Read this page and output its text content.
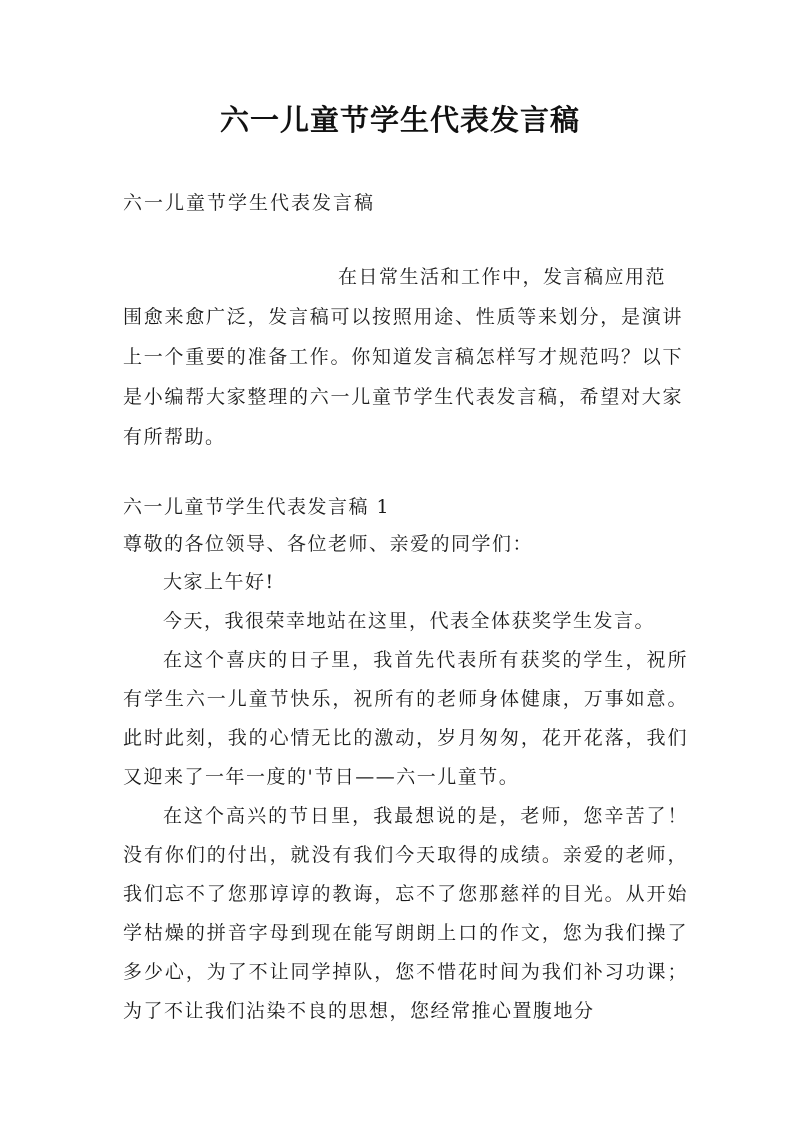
六一儿童节学生代表发言稿
六一儿童节学生代表发言稿
在日常生活和工作中，发言稿应用范
围愈来愈广泛，发言稿可以按照用途、性质等来划分，是演讲上一个重要的准备工作。你知道发言稿怎样写才规范吗？以下是小编帮大家整理的六一儿童节学生代表发言稿，希望对大家有所帮助。

六一儿童节学生代表发言稿 1

尊敬的各位领导、各位老师、亲爱的同学们：

大家上午好!

今天，我很荣幸地站在这里，代表全体获奖学生发言。

在这个喜庆的日子里，我首先代表所有获奖的学生，祝所有学生六一儿童节快乐，祝所有的老师身体健康，万事如意。此时此刻，我的心情无比的激动，岁月匆匆，花开花落，我们又迎来了一年一度的'节日——六一儿童节。

在这个高兴的节日里，我最想说的是，老师，您辛苦了！没有你们的付出，就没有我们今天取得的成绩。亲爱的老师，我们忘不了您那谆谆的教诲，忘不了您那慈祥的目光。从开始学枯燥的拼音字母到现在能写朗朗上口的作文，您为我们操了多少心，为了不让同学掉队，您不惜花时间为我们补习功课；为了不让我们沾染不良的思想，您经常推心置腹地分
